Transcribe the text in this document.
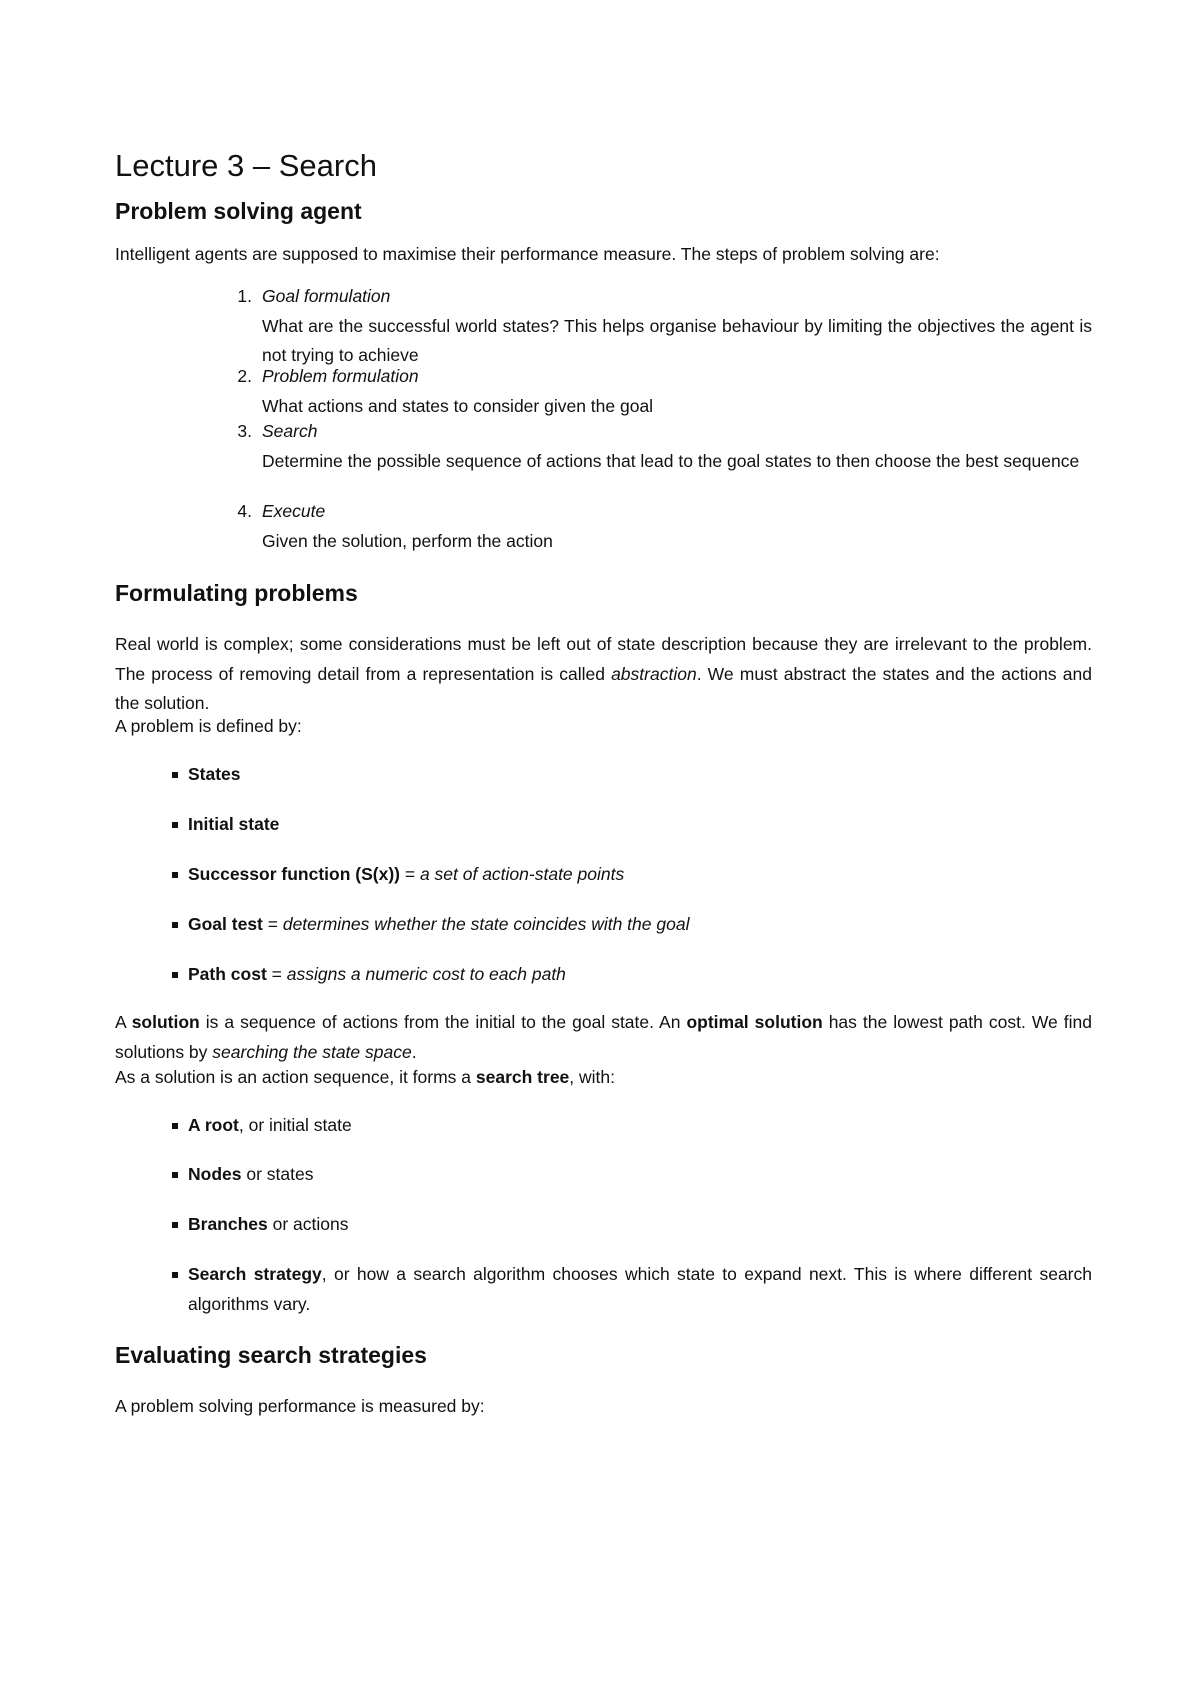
Lecture 3 – Search
Problem solving agent

Intelligent agents are supposed to maximise their performance measure. The steps of problem solving are:

1. Goal formulation
What are the successful world states? This helps organise behaviour by limiting the objectives the agent is not trying to achieve
2. Problem formulation
What actions and states to consider given the goal
3. Search
Determine the possible sequence of actions that lead to the goal states to then choose the best sequence
4. Execute
Given the solution, perform the action
Formulating problems

Real world is complex; some considerations must be left out of state description because they are irrelevant to the problem. The process of removing detail from a representation is called abstraction. We must abstract the states and the actions and the solution.

A problem is defined by:

States
Initial state
Successor function (S(x)) = a set of action-state points
Goal test = determines whether the state coincides with the goal
Path cost = assigns a numeric cost to each path

A solution is a sequence of actions from the initial to the goal state. An optimal solution has the lowest path cost. We find solutions by searching the state space.

As a solution is an action sequence, it forms a search tree, with:

A root, or initial state
Nodes or states
Branches or actions
Search strategy, or how a search algorithm chooses which state to expand next. This is where different search algorithms vary.
Evaluating search strategies

A problem solving performance is measured by:
